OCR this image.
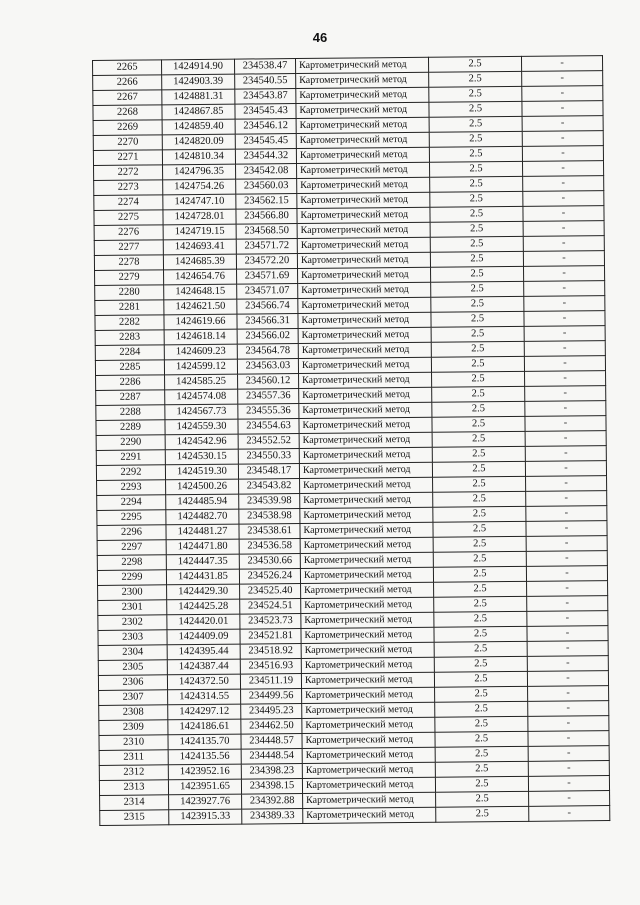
46
2265	1424914.90	234538.47	Картометрический метод	2.5	-
2266	1424903.39	234540.55	Картометрический метод	2.5	-
2267	1424881.31	234543.87	Картометрический метод	2.5	-
2268	1424867.85	234545.43	Картометрический метод	2.5	-
2269	1424859.40	234546.12	Картометрический метод	2.5	-
2270	1424820.09	234545.45	Картометрический метод	2.5	-
2271	1424810.34	234544.32	Картометрический метод	2.5	-
2272	1424796.35	234542.08	Картометрический метод	2.5	-
2273	1424754.26	234560.03	Картометрический метод	2.5	-
2274	1424747.10	234562.15	Картометрический метод	2.5	-
2275	1424728.01	234566.80	Картометрический метод	2.5	-
2276	1424719.15	234568.50	Картометрический метод	2.5	-
2277	1424693.41	234571.72	Картометрический метод	2.5	-
2278	1424685.39	234572.20	Картометрический метод	2.5	-
2279	1424654.76	234571.69	Картометрический метод	2.5	-
2280	1424648.15	234571.07	Картометрический метод	2.5	-
2281	1424621.50	234566.74	Картометрический метод	2.5	-
2282	1424619.66	234566.31	Картометрический метод	2.5	-
2283	1424618.14	234566.02	Картометрический метод	2.5	-
2284	1424609.23	234564.78	Картометрический метод	2.5	-
2285	1424599.12	234563.03	Картометрический метод	2.5	-
2286	1424585.25	234560.12	Картометрический метод	2.5	-
2287	1424574.08	234557.36	Картометрический метод	2.5	-
2288	1424567.73	234555.36	Картометрический метод	2.5	-
2289	1424559.30	234554.63	Картометрический метод	2.5	-
2290	1424542.96	234552.52	Картометрический метод	2.5	-
2291	1424530.15	234550.33	Картометрический метод	2.5	-
2292	1424519.30	234548.17	Картометрический метод	2.5	-
2293	1424500.26	234543.82	Картометрический метод	2.5	-
2294	1424485.94	234539.98	Картометрический метод	2.5	-
2295	1424482.70	234538.98	Картометрический метод	2.5	-
2296	1424481.27	234538.61	Картометрический метод	2.5	-
2297	1424471.80	234536.58	Картометрический метод	2.5	-
2298	1424447.35	234530.66	Картометрический метод	2.5	-
2299	1424431.85	234526.24	Картометрический метод	2.5	-
2300	1424429.30	234525.40	Картометрический метод	2.5	-
2301	1424425.28	234524.51	Картометрический метод	2.5	-
2302	1424420.01	234523.73	Картометрический метод	2.5	-
2303	1424409.09	234521.81	Картометрический метод	2.5	-
2304	1424395.44	234518.92	Картометрический метод	2.5	-
2305	1424387.44	234516.93	Картометрический метод	2.5	-
2306	1424372.50	234511.19	Картометрический метод	2.5	-
2307	1424314.55	234499.56	Картометрический метод	2.5	-
2308	1424297.12	234495.23	Картометрический метод	2.5	-
2309	1424186.61	234462.50	Картометрический метод	2.5	-
2310	1424135.70	234448.57	Картометрический метод	2.5	-
2311	1424135.56	234448.54	Картометрический метод	2.5	-
2312	1423952.16	234398.23	Картометрический метод	2.5	-
2313	1423951.65	234398.15	Картометрический метод	2.5	-
2314	1423927.76	234392.88	Картометрический метод	2.5	-
2315	1423915.33	234389.33	Картометрический метод	2.5	-
